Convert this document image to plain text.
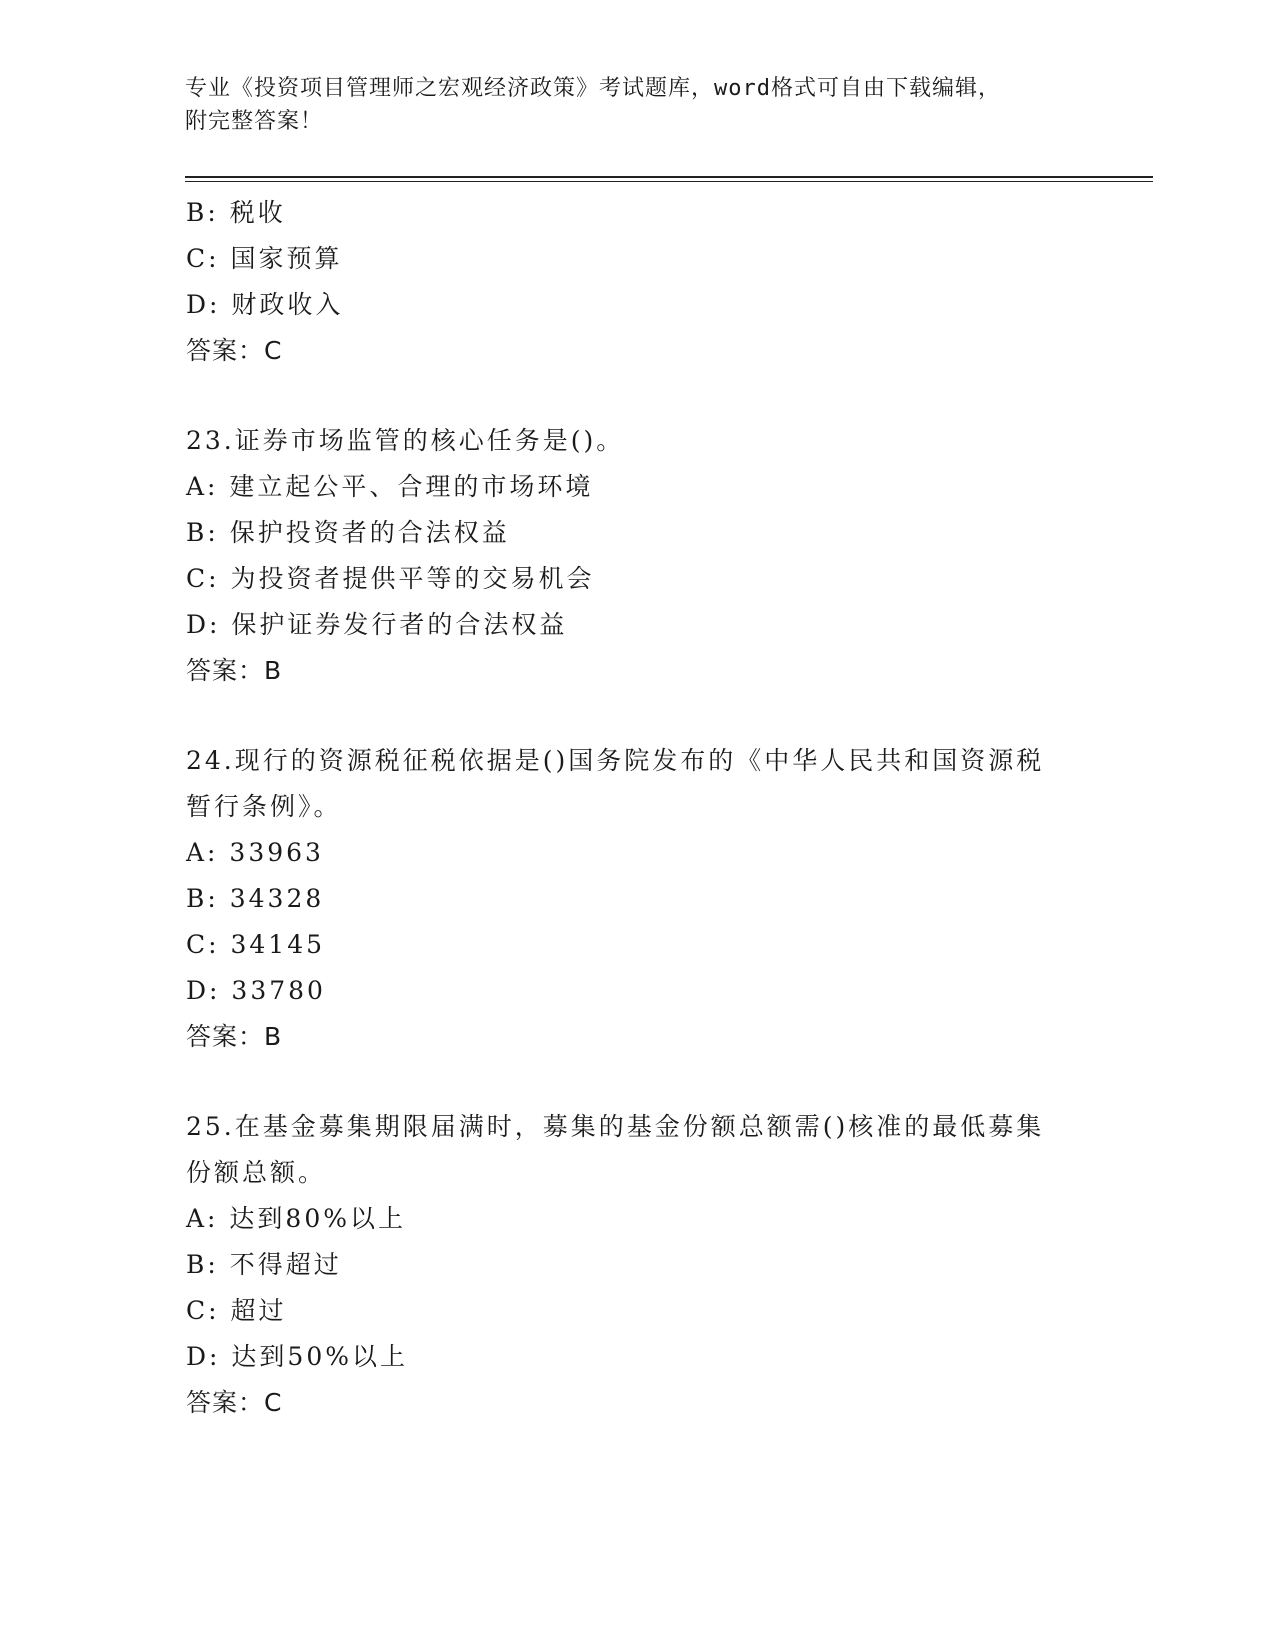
专业《投资项目管理师之宏观经济政策》考试题库，word格式可自由下载编辑，
附完整答案！
B: 税收
C: 国家预算
D: 财政收入
答案：C
23.证券市场监管的核心任务是()。
A: 建立起公平、合理的市场环境
B: 保护投资者的合法权益
C: 为投资者提供平等的交易机会
D: 保护证券发行者的合法权益
答案：B
24.现行的资源税征税依据是()国务院发布的《中华人民共和国资源税
暂行条例》。
A: 33963
B: 34328
C: 34145
D: 33780
答案：B
25.在基金募集期限届满时，募集的基金份额总额需()核准的最低募集
份额总额。
A: 达到80%以上
B: 不得超过
C: 超过
D: 达到50%以上
答案：C
